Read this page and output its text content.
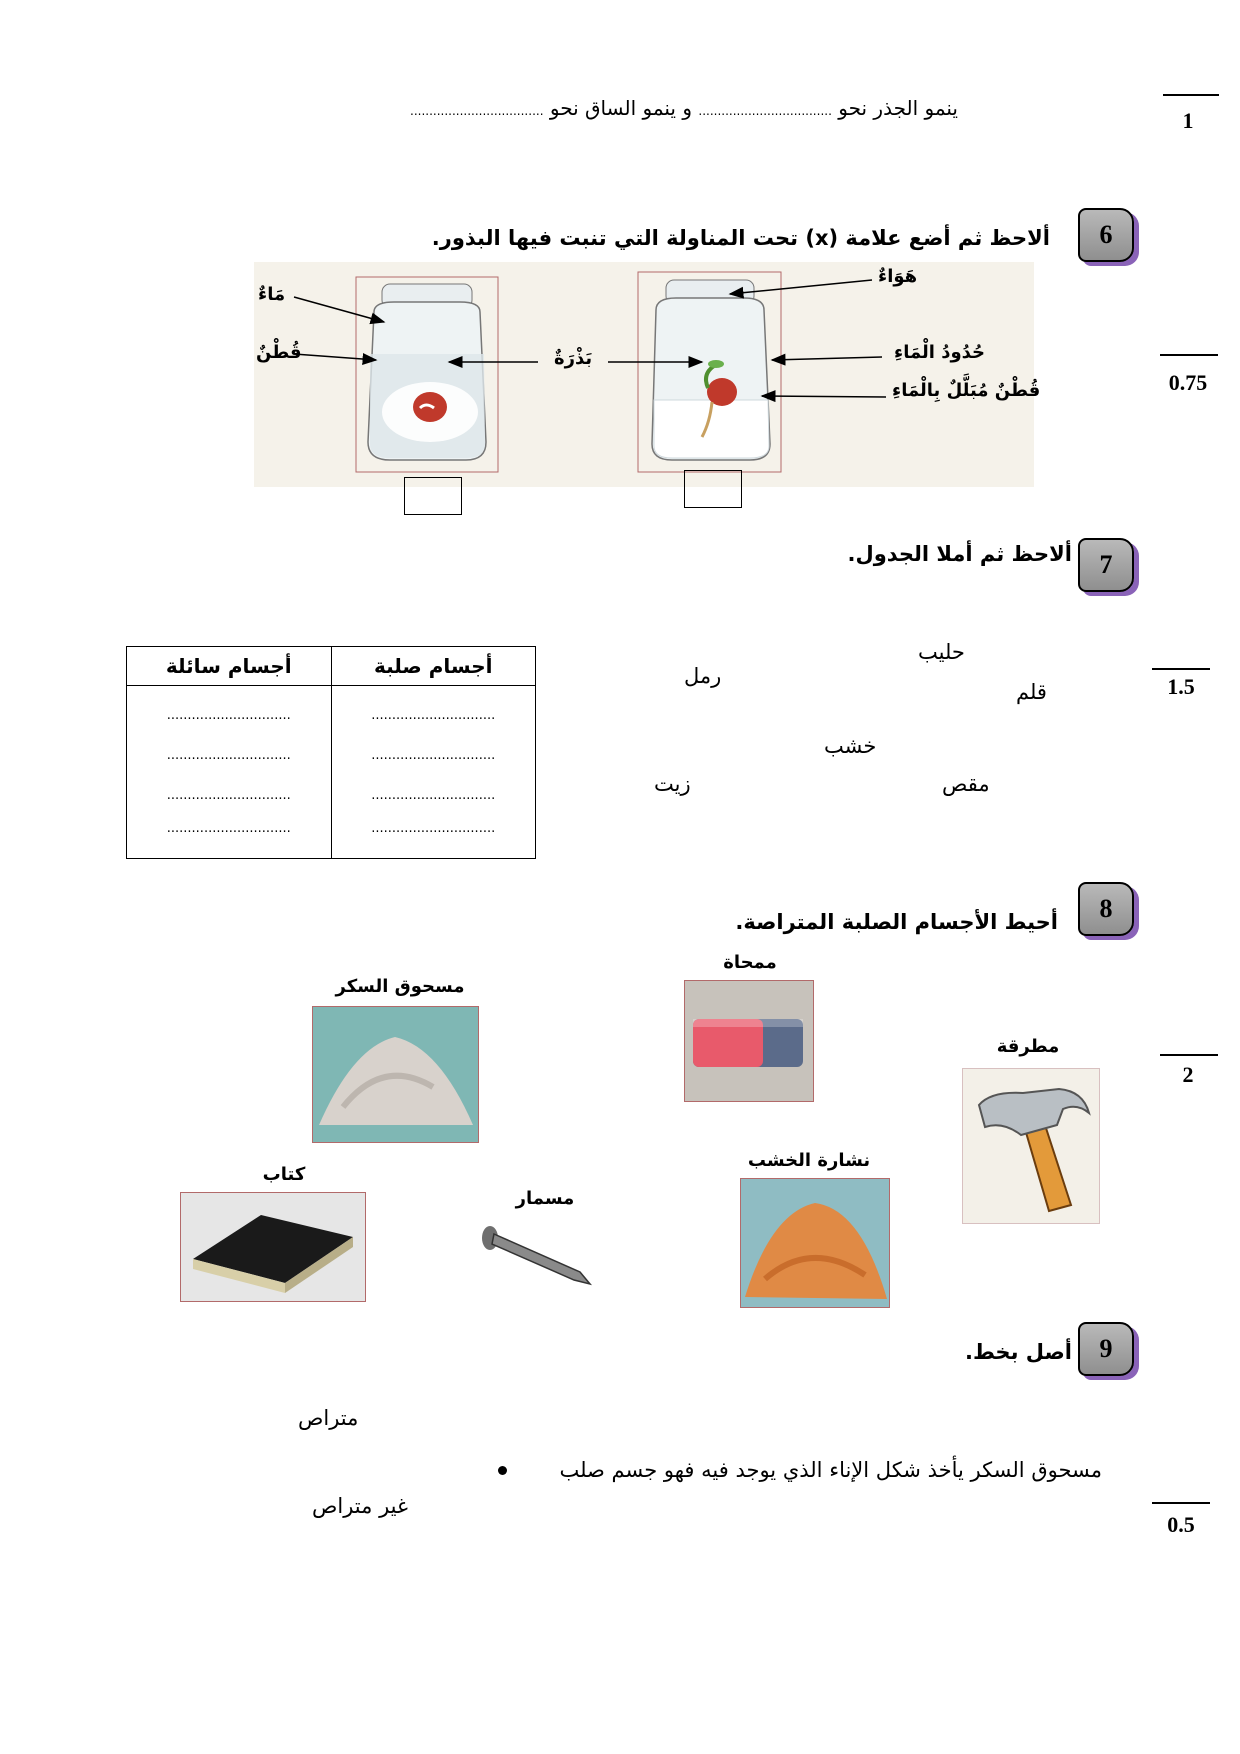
1
0.75
1.5
2
0.5
ينمو الجذر نحو ................................... و ينمو الساق نحو ...................................
6
ألاحظ ثم أضع علامة (x) تحت المناولة التي تنبت فيها البذور.
مَاءٌ
قُطْنٌ	بَذْرَةٌ
هَوَاءٌ
حُدُودُ الْمَاءِ
قُطْنٌ مُبَلَّلٌ بِالْمَاءِ
7
ألاحظ ثم أملا الجدول.
حليب
رمل
قلم
خشب
مقص
زيت
أجسام صلبة	أجسام سائلة
..............................	..............................
..............................	..............................
..............................	..............................
..............................	..............................
8
أحيط الأجسام الصلبة المتراصة.
ممحاة
مسحوق السكر
مطرقة
نشارة الخشب
كتاب
مسمار
9
أصل بخط.
متراص
غير متراص
مسحوق السكر يأخذ شكل الإناء الذي يوجد فيه فهو جسم صلب
